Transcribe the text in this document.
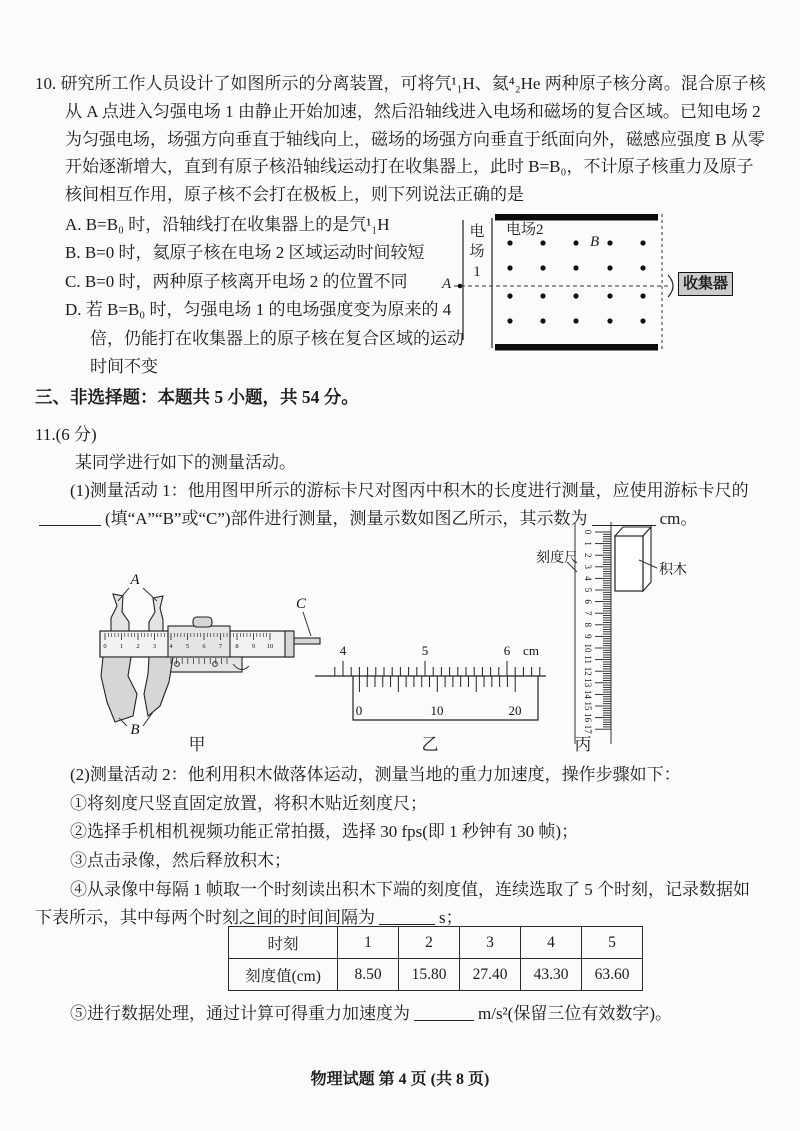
10. 研究所工作人员设计了如图所示的分离装置，可将氕¹₁H、氦⁴₂He 两种原子核分离。混合原子核
从 A 点进入匀强电场 1 由静止开始加速，然后沿轴线进入电场和磁场的复合区域。已知电场 2
为匀强电场，场强方向垂直于轴线向上，磁场的场强方向垂直于纸面向外，磁感应强度 B 从零
开始逐渐增大，直到有原子核沿轴线运动打在收集器上，此时 B=B₀，不计原子核重力及原子
核间相互作用，原子核不会打在极板上，则下列说法正确的是
A. B=B₀ 时，沿轴线打在收集器上的是氕¹₁H
B. B=0 时，氦原子核在电场 2 区域运动时间较短
C. B=0 时，两种原子核离开电场 2 的位置不同
D. 若 B=B₀ 时，匀强电场 1 的电场强度变为原来的 4
倍，仍能打在收集器上的原子核在复合区域的运动
时间不变
电场1
电场2
A
B
收集器
三、非选择题：本题共 5 小题，共 54 分。
11.(6 分)
某同学进行如下的测量活动。
(1)测量活动 1：他用图甲所示的游标卡尺对图丙中积木的长度进行测量，应使用游标卡尺的
(填“A”“B”或“C”)部件进行测量，测量示数如图乙所示，其示数为	cm。
A
B
C
0 1 2 3 4 5 6 7 8 9 10	4	5	6 cm
0	10	20
0
1
2
3
4
5
6
7
8
9
10
11
12
13
14
15
16
17
刻度尺
积木
甲	乙	丙
(2)测量活动 2：他利用积木做落体运动，测量当地的重力加速度，操作步骤如下：
①将刻度尺竖直固定放置，将积木贴近刻度尺；
②选择手机相机视频功能正常拍摄，选择 30 fps(即 1 秒钟有 30 帧)；
③点击录像，然后释放积木；
④从录像中每隔 1 帧取一个时刻读出积木下端的刻度值，连续选取了 5 个时刻，记录数据如
下表所示，其中每两个时刻之间的时间间隔为	s；
时刻	1	2	3	4	5
刻度值(cm)	8.50	15.80	27.40	43.30	63.60
⑤进行数据处理，通过计算可得重力加速度为	m/s²(保留三位有效数字)。
物理试题 第 4 页 (共 8 页)
